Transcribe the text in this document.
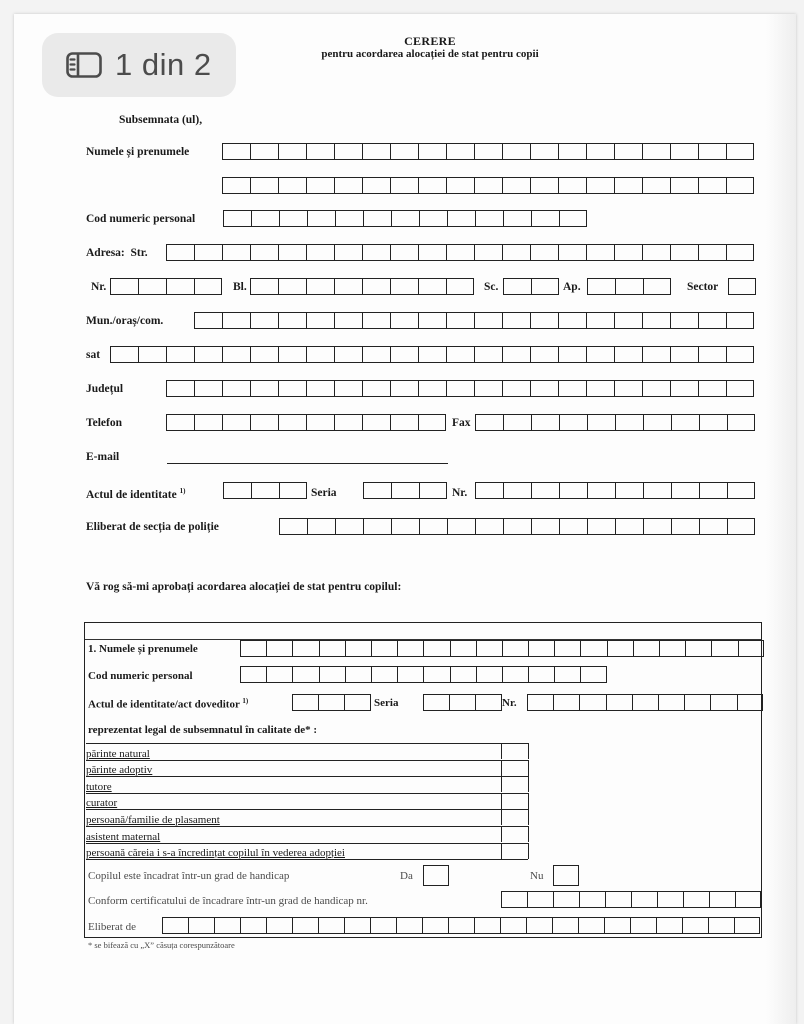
1 din 2
CERERE
pentru acordarea alocației de stat pentru copii
Subsemnata (ul),
Numele și prenumele
Cod numeric personal
Adresa: Str.
Nr.	Bl.	Sc.	Ap.	Sector
Mun./oraș/com.
sat
Județul
Telefon	Fax
E-mail
Actul de identitate $^{1)}$	Seria	Nr.
Eliberat de secția de poliție
Vă rog să-mi aprobați acordarea alocației de stat pentru copilul:
1. Numele și prenumele
Cod numeric personal
Actul de identitate/act doveditor $^{1)}$	Seria	Nr.
reprezentat legal de subsemnatul în calitate de* :
părinte natural
părinte adoptiv
tutore
curator
persoană/familie de plasament
asistent maternal
persoană căreia i s-a încredințat copilul în vederea adopției
Copilul este încadrat într-un grad de handicap	Da	Nu
Conform certificatului de încadrare într-un grad de handicap nr.
Eliberat de
* se bifează cu „X” căsuța corespunzătoare
